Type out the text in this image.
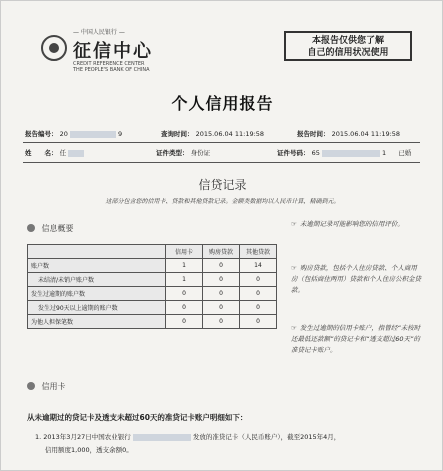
— 中国人民银行 —
征信中心
CREDIT REFERENCE CENTER
THE PEOPLE'S BANK OF CHINA
本报告仅供您了解
自己的信用状况使用
个人信用报告
报告编号： 20	9	查询时间： 2015.06.04 11:19:58	报告时间： 2015.06.04 11:19:58
姓　　名： 任	证件类型： 身份证	证件号码： 65	1 已婚
信贷记录
这部分包含您的信用卡、贷款和其他贷款记录。金额类数据均以人民币计算，精确到元。
信息概要
	信用卡	购房贷款	其他贷款
账户数	1	0	14
未结清/未销户账户数	1	0	0
发生过逾期的账户数	0	0	0
发生过90天以上逾期的账户数	0	0	0
为他人担保笔数	0	0	0
☞ 未逾期记录可能影响您的信用评价。
☞ 购房贷款，包括个人住房贷款、个人商用房（包括商住两用）贷款和个人住房公积金贷款。
☞ 发生过逾期的信用卡账户，指曾经“未按时还最低还款额”的贷记卡和“透支超过60天”的准贷记卡账户。
信用卡
从未逾期过的贷记卡及透支未超过60天的准贷记卡账户明细如下：
1. 2013年3月27日中国农业银行	发放的准贷记卡（人民币账户），截至2015年4月，
信用额度1,000，透支余额0。
